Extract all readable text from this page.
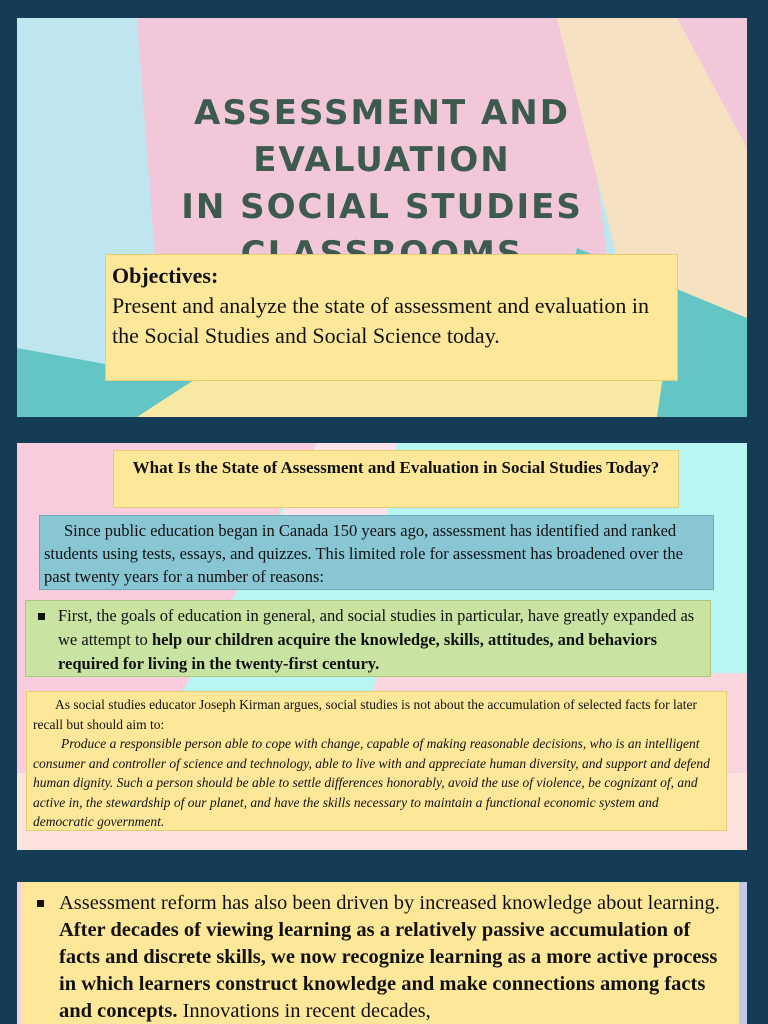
ASSESSMENT AND
EVALUATION
IN SOCIAL STUDIES
Objectives:
Present and analyze the state of assessment and evaluation in the Social Studies and Social Science today.
What Is the State of Assessment and Evaluation in Social Studies Today?
Since public education began in Canada 150 years ago, assessment has identified and ranked students using tests, essays, and quizzes. This limited role for assessment has broadened over the past twenty years for a number of reasons:
First, the goals of education in general, and social studies in particular, have greatly expanded as we attempt to help our children acquire the knowledge, skills, attitudes, and behaviors required for living in the twenty-first century.
As social studies educator Joseph Kirman argues, social studies is not about the accumulation of selected facts for later recall but should aim to:
Produce a responsible person able to cope with change, capable of making reasonable decisions, who is an intelligent consumer and controller of science and technology, able to live with and appreciate human diversity, and support and defend human dignity. Such a person should be able to settle differences honorably, avoid the use of violence, be cognizant of, and active in, the stewardship of our planet, and have the skills necessary to maintain a functional economic system and democratic government.
Assessment reform has also been driven by increased knowledge about learning. After decades of viewing learning as a relatively passive accumulation of facts and discrete skills, we now recognize learning as a more active process in which learners construct knowledge and make connections among facts and concepts. Innovations in recent decades,
